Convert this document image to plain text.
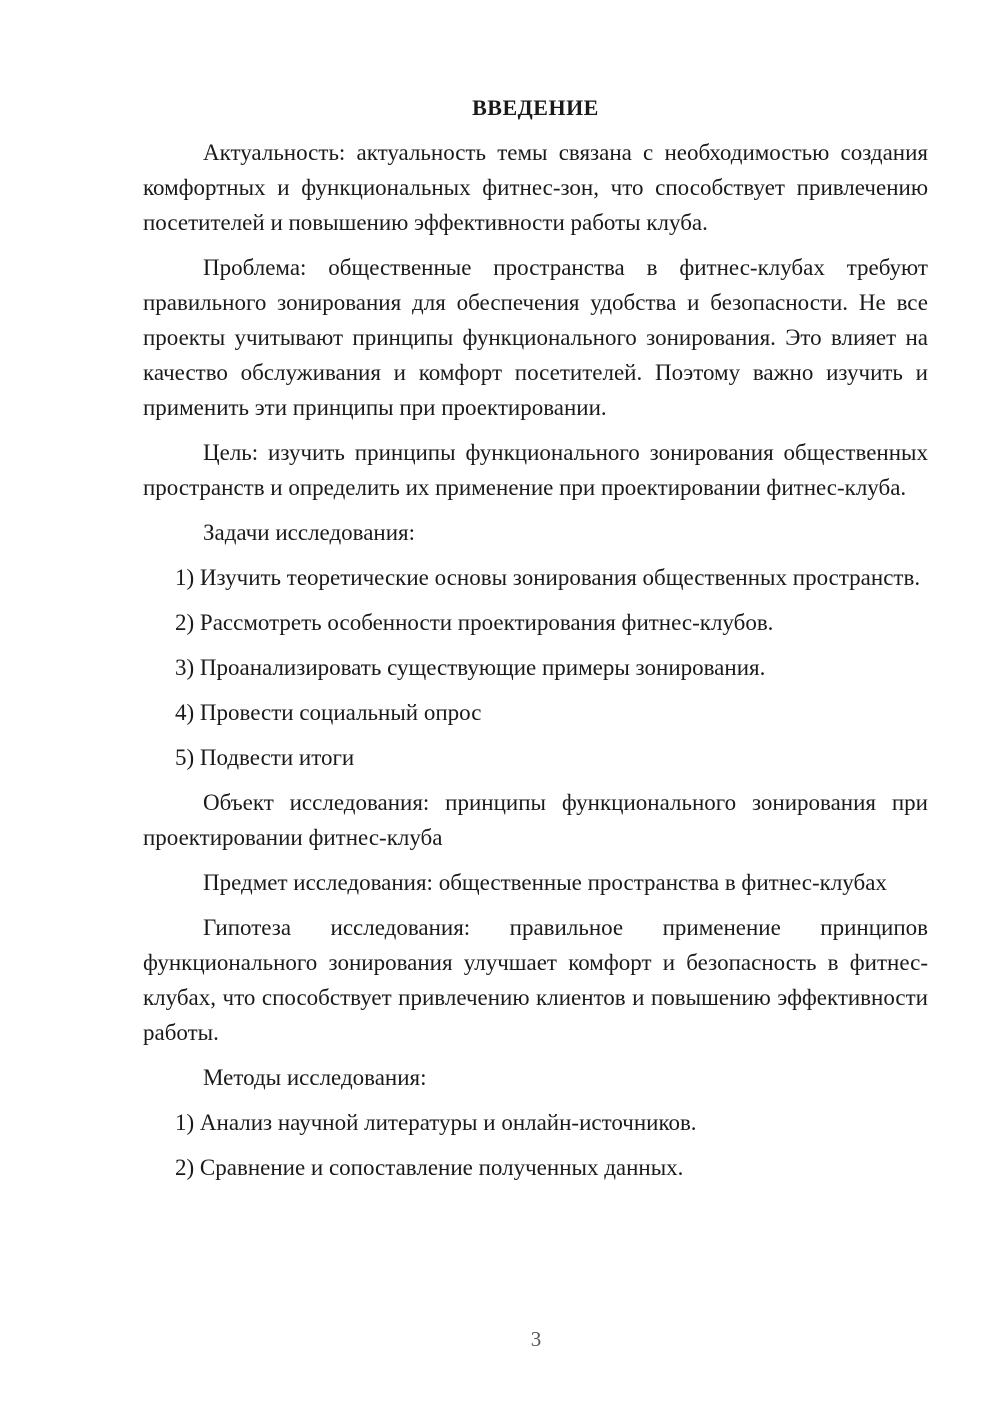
ВВЕДЕНИЕ

Актуальность: актуальность темы связана с необходимостью создания комфортных и функциональных фитнес-зон, что способствует привлечению посетителей и повышению эффективности работы клуба.

Проблема: общественные пространства в фитнес-клубах требуют правильного зонирования для обеспечения удобства и безопасности. Не все проекты учитывают принципы функционального зонирования. Это влияет на качество обслуживания и комфорт посетителей. Поэтому важно изучить и применить эти принципы при проектировании.

Цель: изучить принципы функционального зонирования общественных пространств и определить их применение при проектировании фитнес-клуба.

Задачи исследования:

1) Изучить теоретические основы зонирования общественных пространств.

2) Рассмотреть особенности проектирования фитнес-клубов.

3) Проанализировать существующие примеры зонирования.

4) Провести социальный опрос

5) Подвести итоги

Объект исследования: принципы функционального зонирования при проектировании фитнес-клуба

Предмет исследования: общественные пространства в фитнес-клубах

Гипотеза исследования: правильное применение принципов функционального зонирования улучшает комфорт и безопасность в фитнес-клубах, что способствует привлечению клиентов и повышению эффективности работы.

Методы исследования:

1) Анализ научной литературы и онлайн-источников.

2) Сравнение и сопоставление полученных данных.

3
